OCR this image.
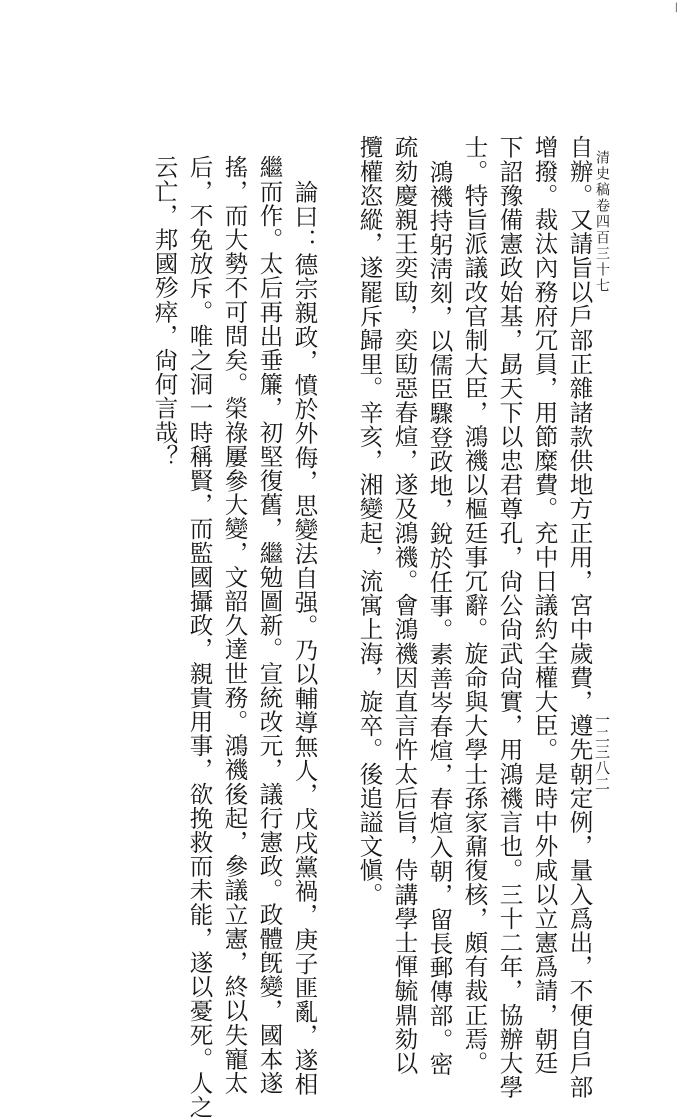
|
清史稿卷四百三十七
一二三八二
自辦。又請旨以戶部正雜諸款供地方正用，宮中歲費，遵先朝定例，量入爲出，不便自戶部
增撥。裁汰內務府冗員，用節糜費。充中日議約全權大臣。是時中外咸以立憲爲請，朝廷
下詔豫備憲政始基，勗天下以忠君尊孔，尙公尙武尙實，用鴻禨言也。三十二年，協辦大學
士。特旨派議改官制大臣，鴻禨以樞廷事冗辭。旋命與大學士孫家鼐復核，頗有裁正焉。
鴻禨持躬淸刻，以儒臣驟登政地，銳於任事。素善岑春煊，春煊入朝，留長郵傳部。密
疏劾慶親王奕劻，奕劻惡春煊，遂及鴻禨。會鴻禨因直言忤太后旨，侍講學士惲毓鼎劾以
攬權恣縱，遂罷斥歸里。辛亥，湘變起，流寓上海，旋卒。後追謚文愼。
論曰：德宗親政，憤於外侮，思變法自强。乃以輔導無人，戊戌黨禍，庚子匪亂，遂相
繼而作。太后再出垂簾，初堅復舊，繼勉圖新。宣統改元，議行憲政。政體旣變，國本遂
搖，而大勢不可問矣。榮祿屢參大變，文韶久達世務。鴻禨後起，參議立憲，終以失寵太
后，不免放斥。唯之洞一時稱賢，而監國攝政，親貴用事，欲挽救而未能，遂以憂死。人之
云亡，邦國殄瘁，尙何言哉？
